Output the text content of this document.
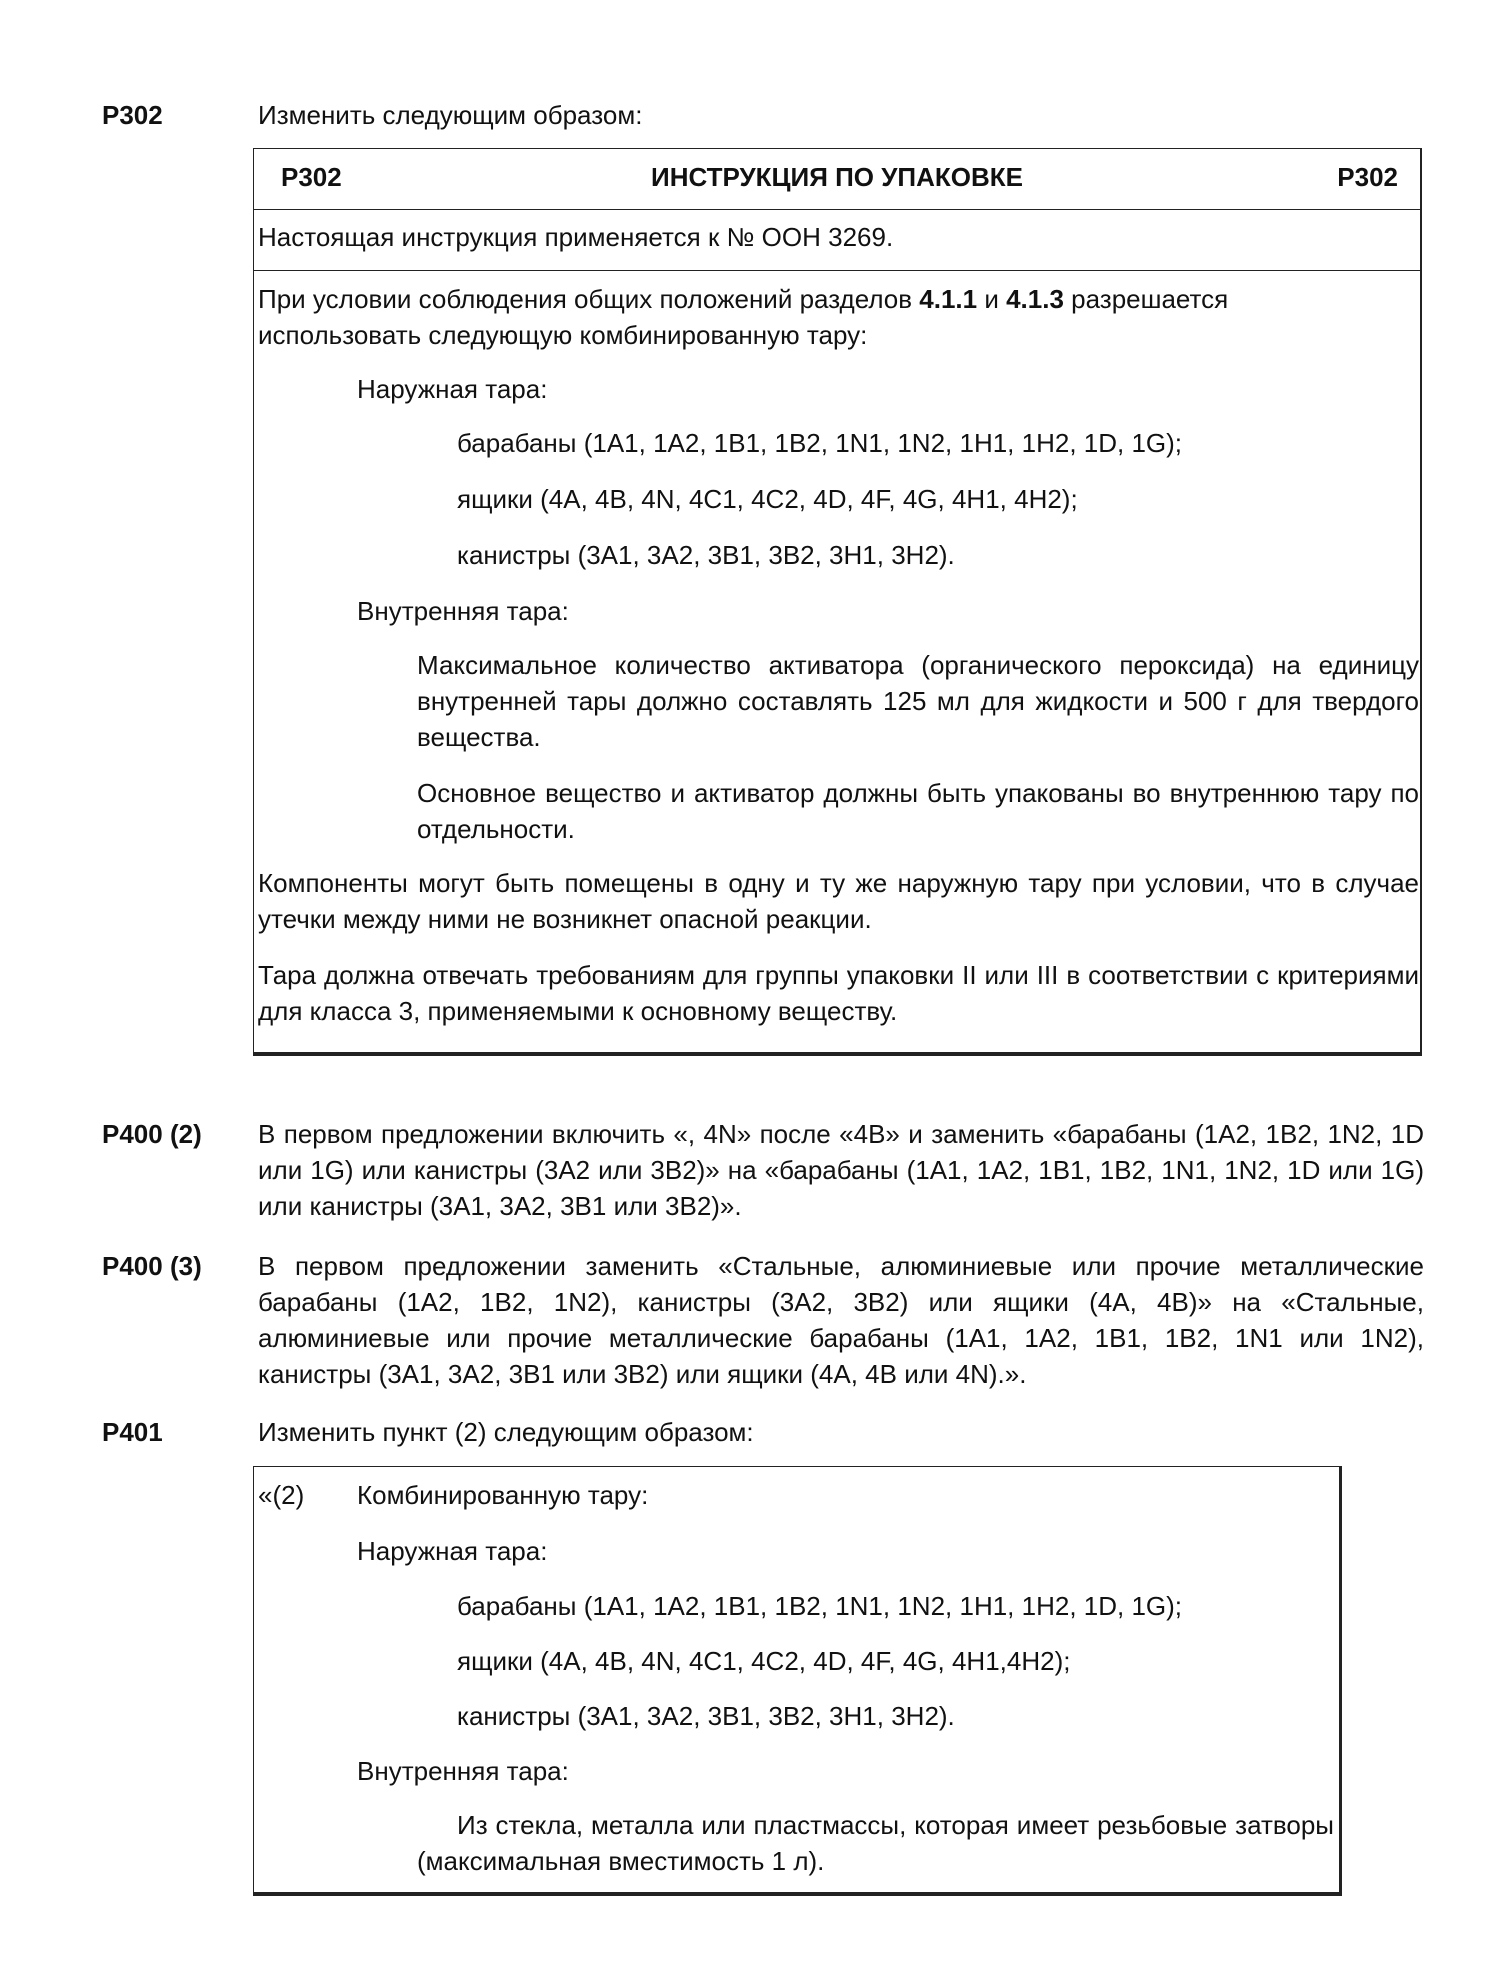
P302	Изменить следующим образом:
P302	ИНСТРУКЦИЯ ПО УПАКОВКЕ	P302
Настоящая инструкция применяется к № ООН 3269.
При условии соблюдения общих положений разделов 4.1.1 и 4.1.3 разрешается использовать следующую комбинированную тару:
Наружная тара:
барабаны (1A1, 1A2, 1B1, 1B2, 1N1, 1N2, 1H1, 1H2, 1D, 1G);
ящики (4A, 4B, 4N, 4C1, 4C2, 4D, 4F, 4G, 4H1, 4H2);
канистры (3A1, 3A2, 3B1, 3B2, 3H1, 3H2).
Внутренняя тара:
Максимальное количество активатора (органического пероксида) на единицу внутренней тары должно составлять 125 мл для жидкости и 500 г для твердого вещества.
Основное вещество и активатор должны быть упакованы во внутреннюю тару по отдельности.
Компоненты могут быть помещены в одну и ту же наружную тару при условии, что в случае утечки между ними не возникнет опасной реакции.
Тара должна отвечать требованиям для группы упаковки II или III в соответствии с критериями для класса 3, применяемыми к основному веществу.
P400 (2) В первом предложении включить «, 4N» после «4B» и заменить «барабаны (1A2, 1B2, 1N2, 1D или 1G) или канистры (3A2 или 3B2)» на «барабаны (1A1, 1A2, 1B1, 1B2, 1N1, 1N2, 1D или 1G) или канистры (3A1, 3A2, 3B1 или 3B2)».
P400 (3) В первом предложении заменить «Стальные, алюминиевые или прочие металлические барабаны (1A2, 1B2, 1N2), канистры (3A2, 3B2) или ящики (4A, 4B)» на «Стальные, алюминиевые или прочие металлические барабаны (1A1, 1A2, 1B1, 1B2, 1N1 или 1N2), канистры (3A1, 3A2, 3B1 или 3B2) или ящики (4A, 4B или 4N).».
P401	Изменить пункт (2) следующим образом:
«(2) Комбинированную тару:
Наружная тара:
барабаны (1A1, 1A2, 1B1, 1B2, 1N1, 1N2, 1H1, 1H2, 1D, 1G);
ящики (4A, 4B, 4N, 4C1, 4C2, 4D, 4F, 4G, 4H1,4H2);
канистры (3A1, 3A2, 3B1, 3B2, 3H1, 3H2).
Внутренняя тара:
Из стекла, металла или пластмассы, которая имеет резьбовые затворы (максимальная вместимость 1 л).
